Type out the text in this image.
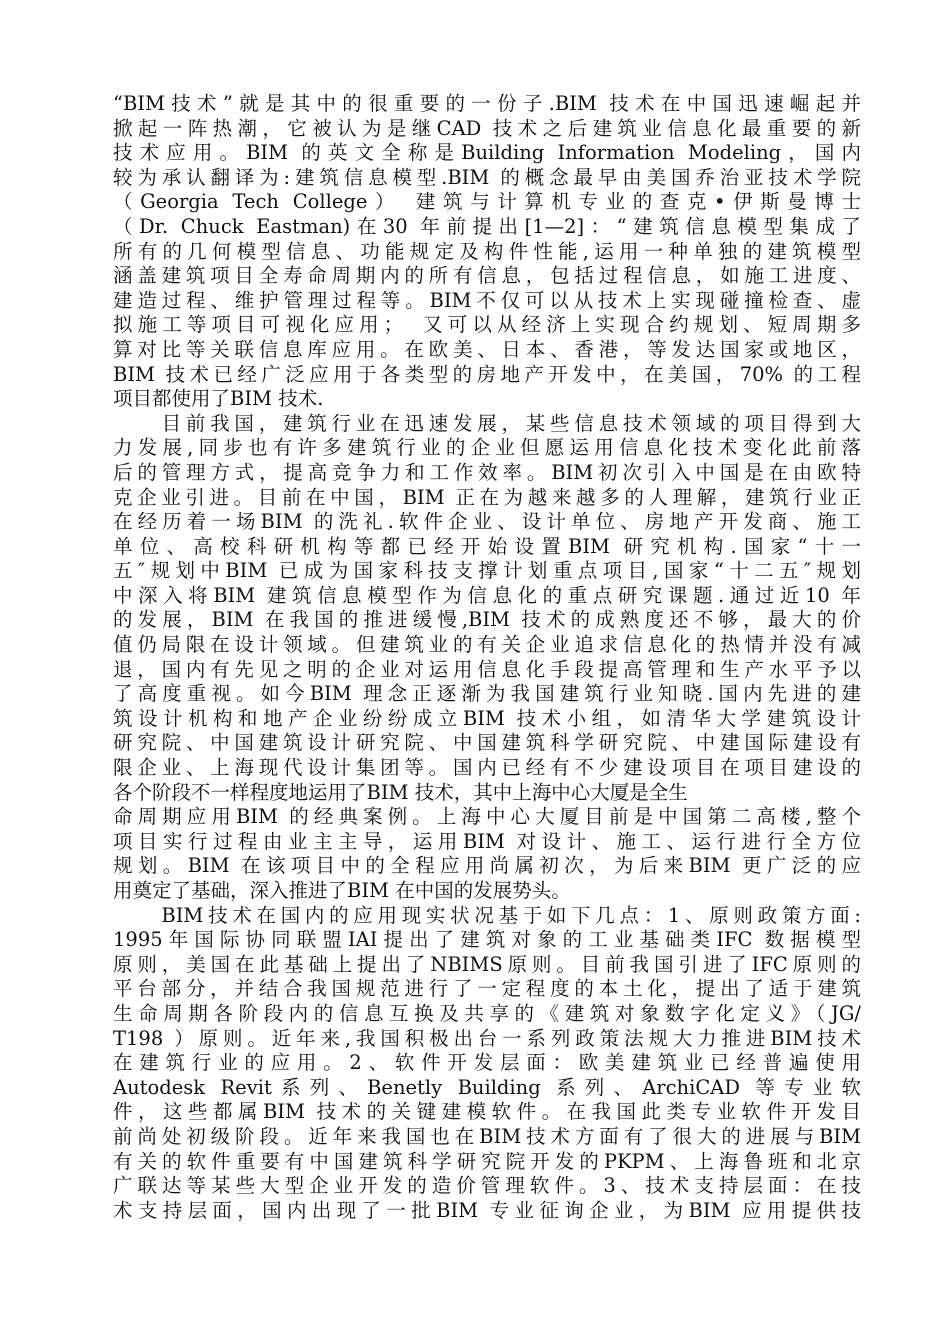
“BIM技术”就是其中的很重要的一份子.BIM 技术在中国迅速崛起并
掀起一阵热潮，它被认为是继CAD 技术之后建筑业信息化最重要的新
技术应用。BIM 的英文全称是Building Information Modeling，国内
较为承认翻译为:建筑信息模型.BIM 的概念最早由美国乔治亚技术学院
（Georgia Tech College） 建筑与计算机专业的查克•伊斯曼博士
（Dr. Chuck Eastman)在30 年前提出[1—2]：“建筑信息模型集成了
所有的几何模型信息、功能规定及构件性能,运用一种单独的建筑模型
涵盖建筑项目全寿命周期内的所有信息，包括过程信息，如施工进度、
建造过程、维护管理过程等。BIM不仅可以从技术上实现碰撞检查、虚
拟施工等项目可视化应用；　又可以从经济上实现合约规划、短周期多
算对比等关联信息库应用。在欧美、日本、香港，等发达国家或地区，
BIM 技术已经广泛应用于各类型的房地产开发中，在美国，70% 的工程
项目都使用了BIM 技术.
　　目前我国，建筑行业在迅速发展，某些信息技术领域的项目得到大
力发展,同步也有许多建筑行业的企业但愿运用信息化技术变化此前落
后的管理方式，提高竞争力和工作效率。BIM初次引入中国是在由欧特
克企业引进。目前在中国，BIM 正在为越来越多的人理解，建筑行业正
在经历着一场BIM 的洗礼.软件企业、设计单位、房地产开发商、施工
单位、高校科研机构等都已经开始设置BIM 研究机构.国家“十一
五″规划中BIM 已成为国家科技支撑计划重点项目,国家“十二五″规划
中深入将BIM 建筑信息模型作为信息化的重点研究课题.通过近10 年
的发展，BIM 在我国的推进缓慢,BIM 技术的成熟度还不够，最大的价
值仍局限在设计领域。但建筑业的有关企业追求信息化的热情并没有减
退，国内有先见之明的企业对运用信息化手段提高管理和生产水平予以
了高度重视。如今BIM 理念正逐渐为我国建筑行业知晓.国内先进的建
筑设计机构和地产企业纷纷成立BIM 技术小组，如清华大学建筑设计
研究院、中国建筑设计研究院、中国建筑科学研究院、中建国际建设有
限企业、上海现代设计集团等。国内已经有不少建设项目在项目建设的
各个阶段不一样程度地运用了BIM 技术，其中上海中心大厦是全生
命周期应用BIM 的经典案例。上海中心大厦目前是中国第二高楼,整个
项目实行过程由业主主导，运用BIM 对设计、施工、运行进行全方位
规划。BIM 在该项目中的全程应用尚属初次，为后来BIM 更广泛的应
用奠定了基础，深入推进了BIM 在中国的发展势头。
　　BIM技术在国内的应用现实状况基于如下几点：1、原则政策方面:
1995年国际协同联盟IAI提出了建筑对象的工业基础类IFC 数据模型
原则，美国在此基础上提出了NBIMS原则。目前我国引进了IFC原则的
平台部分，并结合我国规范进行了一定程度的本土化，提出了适于建筑
生命周期各阶段内的信息互换及共享的《建筑对象数字化定义》（JG/
T198 ）原则。近年来,我国积极出台一系列政策法规大力推进BIM技术
在建筑行业的应用。2、软件开发层面：欧美建筑业已经普遍使用
Autodesk Revit系列、Benetly Building 系列、ArchiCAD 等专业软
件，这些都属BIM 技术的关键建模软件。在我国此类专业软件开发目
前尚处初级阶段。近年来我国也在BIM技术方面有了很大的进展与BIM
有关的软件重要有中国建筑科学研究院开发的PKPM、上海鲁班和北京
广联达等某些大型企业开发的造价管理软件。3、技术支持层面：在技
术支持层面，国内出现了一批BIM 专业征询企业，为BIM 应用提供技
